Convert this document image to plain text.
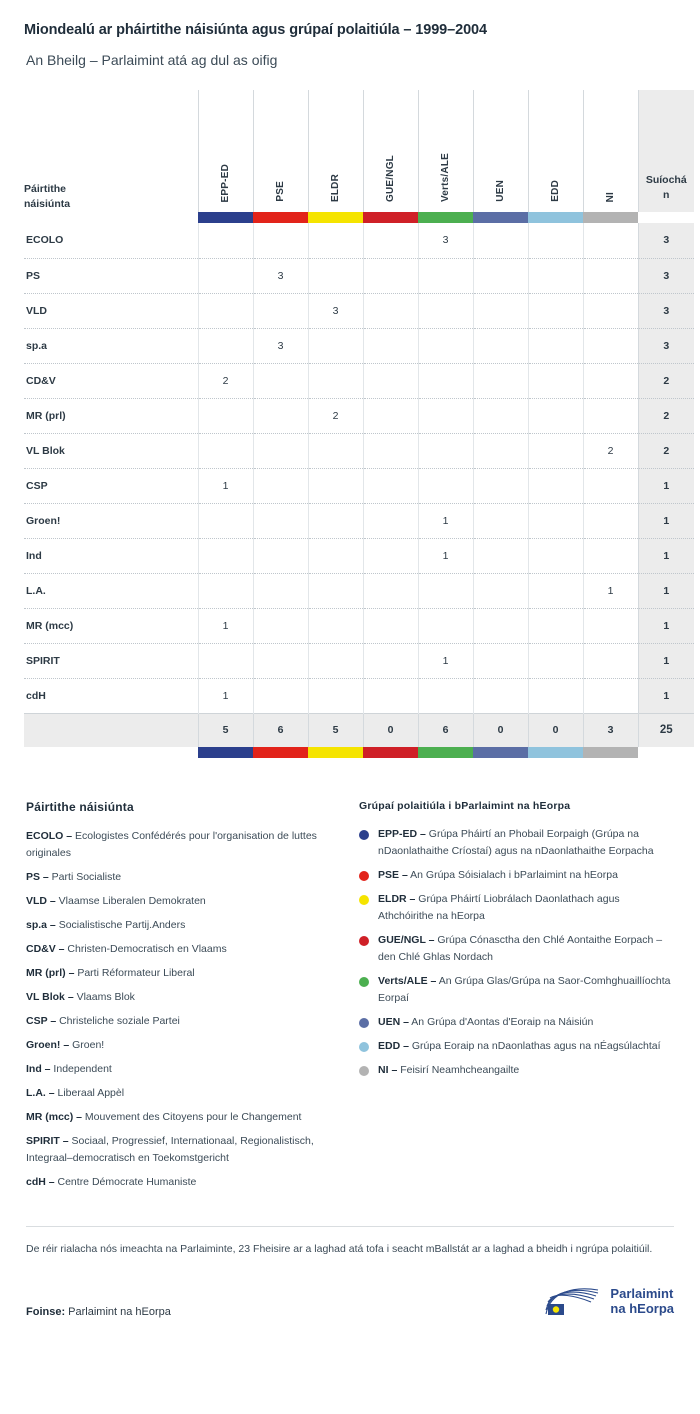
Miondealú ar pháirtithe náisiúnta agus grúpaí polaitiúla – 1999–2004
An Bheilg – Parlaimint atá ag dul as oifig
Páirtithe
náisiúnta	EPP-ED	PSE	ELDR	GUE/NGL	Verts/ALE	UEN	EDD	NI	Suíochá
n

ECOLO					3				3
PS		3							3
VLD			3						3
sp.a		3							3
CD&V	2								2
MR (prl)			2						2
VL Blok								2	2
CSP	1								1
Groen!					1				1
Ind					1				1
L.A.								1	1
MR (mcc)	1								1
SPIRIT					1				1
cdH	1								1
	5	6	5	0	6	0	0	3	25

Páirtithe náisiúnta
ECOLO – Ecologistes Confédérés pour l'organisation de luttes originales
PS – Parti Socialiste
VLD – Vlaamse Liberalen Demokraten
sp.a – Socialistische Partij.Anders
CD&V – Christen-Democratisch en Vlaams
MR (prl) – Parti Réformateur Liberal
VL Blok – Vlaams Blok
CSP – Christeliche soziale Partei
Groen! – Groen!
Ind – Independent
L.A. – Liberaal Appèl
MR (mcc) – Mouvement des Citoyens pour le Changement
SPIRIT – Sociaal, Progressief, Internationaal, Regionalistisch, Integraal–democratisch en Toekomstgericht
cdH – Centre Démocrate Humaniste
Grúpaí polaitiúla i bParlaimint na hEorpa
EPP-ED – Grúpa Pháirtí an Phobail Eorpaigh (Grúpa na nDaonlathaithe Críostaí) agus na nDaonlathaithe Eorpacha
PSE – An Grúpa Sóisialach i bParlaimint na hEorpa
ELDR – Grúpa Pháirtí Liobrálach Daonlathach agus Athchóirithe na hEorpa
GUE/NGL – Grúpa Cónasctha den Chlé Aontaithe Eorpach – den Chlé Ghlas Nordach
Verts/ALE – An Grúpa Glas/Grúpa na Saor-Comhghuaillíochta Eorpaí
UEN – An Grúpa d'Aontas d'Eoraip na Náisiún
EDD – Grúpa Eoraip na nDaonlathas agus na nÉagsúlachtaí
NI – Feisirí Neamhcheangailte
De réir rialacha nós imeachta na Parlaiminte, 23 Fheisire ar a laghad atá tofa i seacht mBallstát ar a laghad a bheidh i ngrúpa polaitiúil.
Foinse: Parlaimint na hEorpa
Parlaimint
na hEorpa
